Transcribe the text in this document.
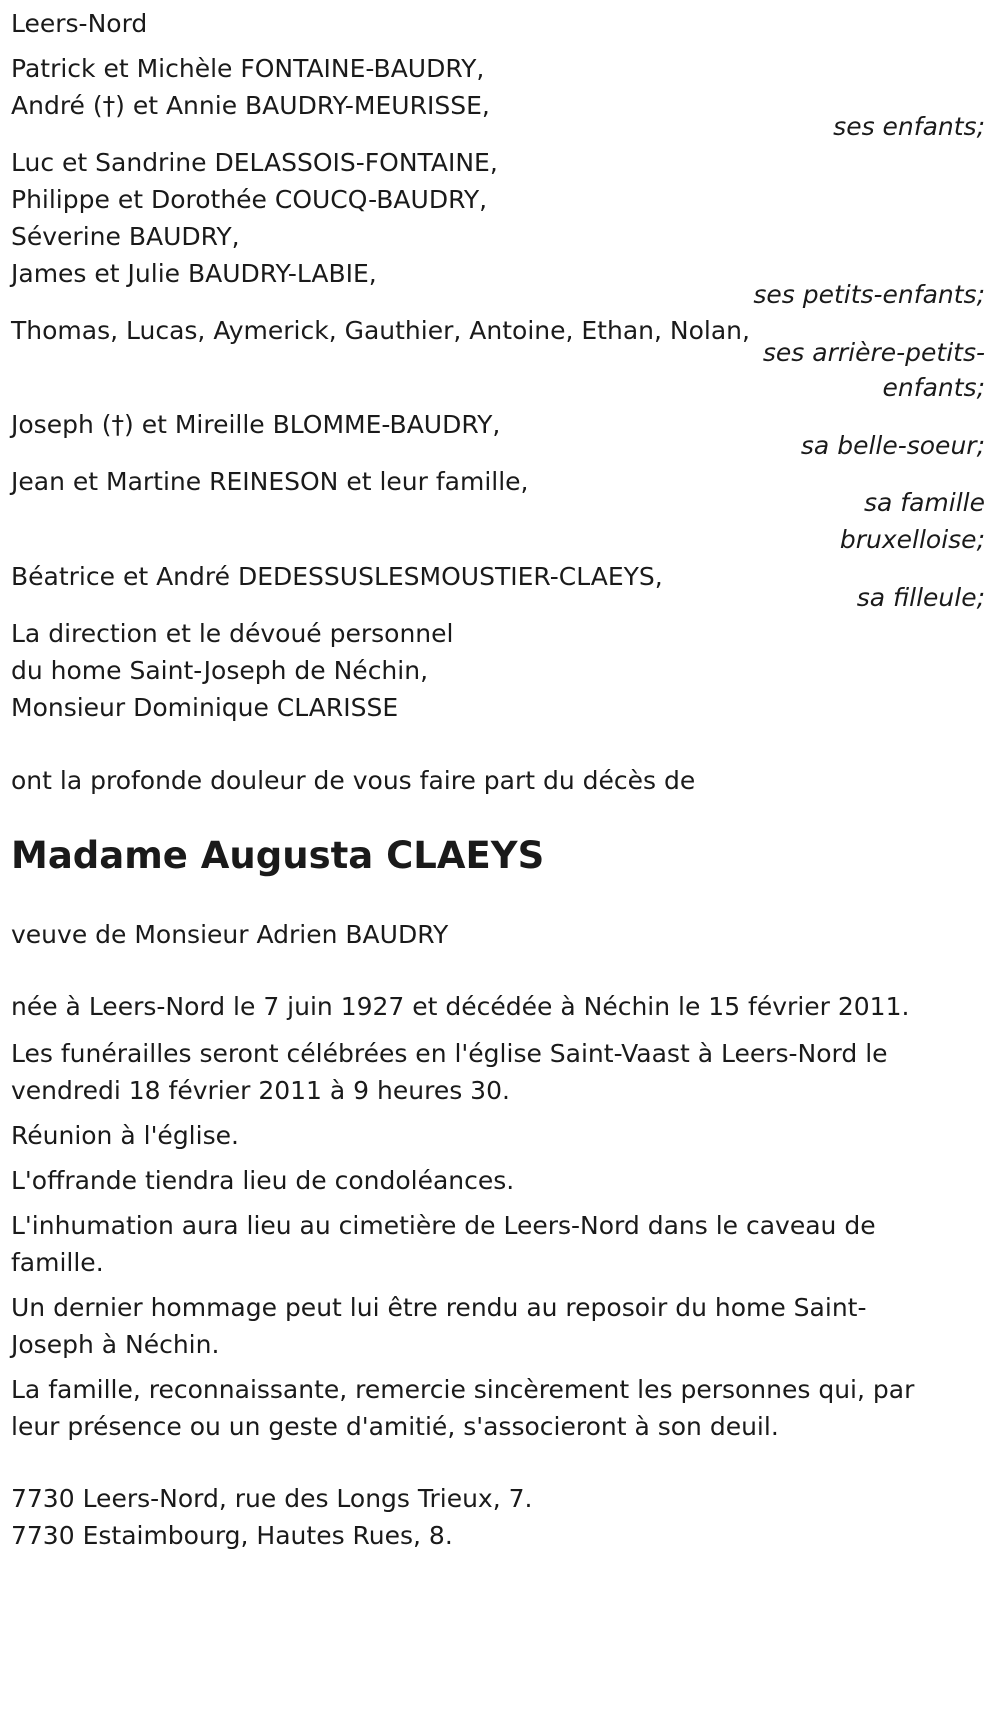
Leers-Nord

Patrick et Michèle FONTAINE-BAUDRY,

André (†) et Annie BAUDRY-MEURISSE,

ses enfants;

Luc et Sandrine DELASSOIS-FONTAINE,

Philippe et Dorothée COUCQ-BAUDRY,

Séverine BAUDRY,

James et Julie BAUDRY-LABIE,

ses petits-enfants;

Thomas, Lucas, Aymerick, Gauthier, Antoine, Ethan, Nolan,

ses arrière-petits-

enfants;

Joseph (†) et Mireille BLOMME-BAUDRY,

sa belle-soeur;

Jean et Martine REINESON et leur famille,

sa famille

bruxelloise;

Béatrice et André DEDESSUSLESMOUSTIER-CLAEYS,

sa filleule;

La direction et le dévoué personnel

du home Saint-Joseph de Néchin,

Monsieur Dominique CLARISSE

ont la profonde douleur de vous faire part du décès de

Madame Augusta CLAEYS

veuve de Monsieur Adrien BAUDRY

née à Leers-Nord le 7 juin 1927 et décédée à Néchin le 15 février 2011.

Les funérailles seront célébrées en l'église Saint-Vaast à Leers-Nord le

vendredi 18 février 2011 à 9 heures 30.

Réunion à l'église.

L'offrande tiendra lieu de condoléances.

L'inhumation aura lieu au cimetière de Leers-Nord dans le caveau de

famille.

Un dernier hommage peut lui être rendu au reposoir du home Saint-

Joseph à Néchin.

La famille, reconnaissante, remercie sincèrement les personnes qui, par

leur présence ou un geste d'amitié, s'associeront à son deuil.

7730 Leers-Nord, rue des Longs Trieux, 7.

7730 Estaimbourg, Hautes Rues, 8.
